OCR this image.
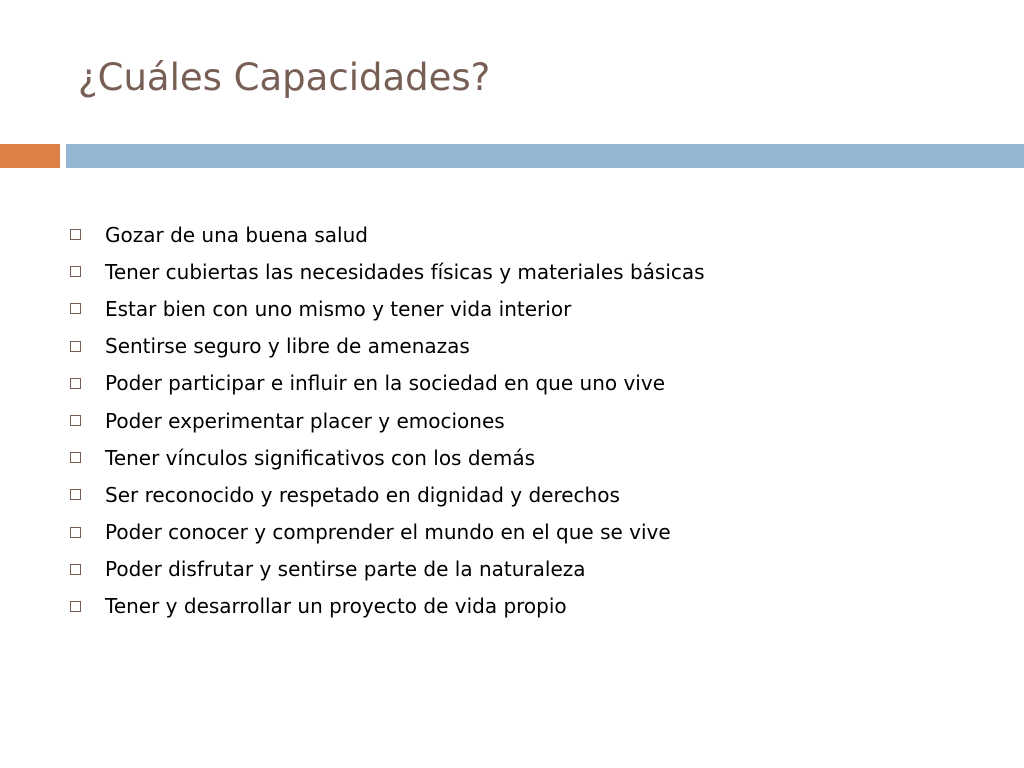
¿Cuáles Capacidades?
Gozar de una buena salud
Tener cubiertas las necesidades físicas y materiales básicas
Estar bien con uno mismo y tener vida interior
Sentirse seguro y libre de amenazas
Poder participar e influir en la sociedad en que uno vive
Poder experimentar placer y emociones
Tener vínculos significativos con los demás
Ser reconocido y respetado en dignidad y derechos
Poder conocer y comprender el mundo en el que se vive
Poder disfrutar y sentirse parte de la naturaleza
Tener y desarrollar un proyecto de vida propio
